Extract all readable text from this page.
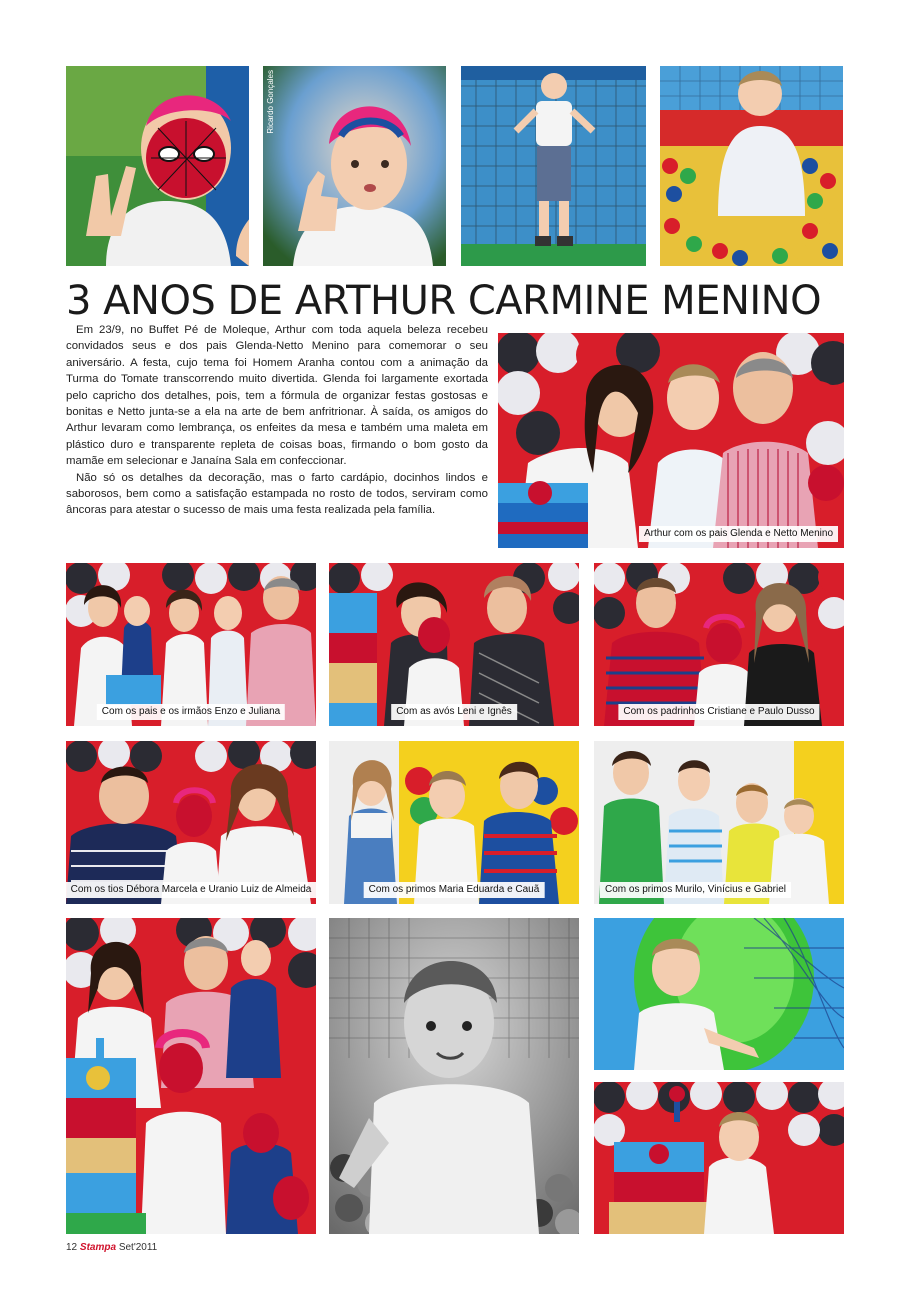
Ricardo Gonçales
3 ANOS DE ARTHUR CARMINE MENINO

Em 23/9, no Buffet Pé de Moleque, Arthur com toda aquela beleza recebeu convidados seus e dos pais Glenda-Netto Menino para comemorar o seu aniversário. A festa, cujo tema foi Homem Aranha contou com a animação da Turma do Tomate transcorrendo muito divertida. Glenda foi largamente exortada pelo capricho dos detalhes, pois, tem a fórmula de organizar festas gostosas e bonitas e Netto junta-se a ela na arte de bem anfritrionar. À saída, os amigos do Arthur levaram como lembrança, os enfeites da mesa e também uma maleta em plástico duro e transparente repleta de coisas boas, firmando o bom gosto da mamãe em selecionar e Janaína Sala em confeccionar.

Não só os detalhes da decoração, mas o farto cardápio, docinhos lindos e saborosos, bem como a satisfação estampada no rosto de todos, serviram como âncoras para atestar o sucesso de mais uma festa realizada pela família.

Arthur com os pais Glenda e Netto Menino
Com os pais e os irmãos Enzo e Juliana	Com as avós Leni e Ignês	Com os padrinhos Cristiane e Paulo Dusso
Com os tios Débora Marcela e Uranio Luiz de Almeida	Com os primos Maria Eduarda e Cauã	Com os primos Murilo, Vinícius e Gabriel
12 Stampa Set'2011
